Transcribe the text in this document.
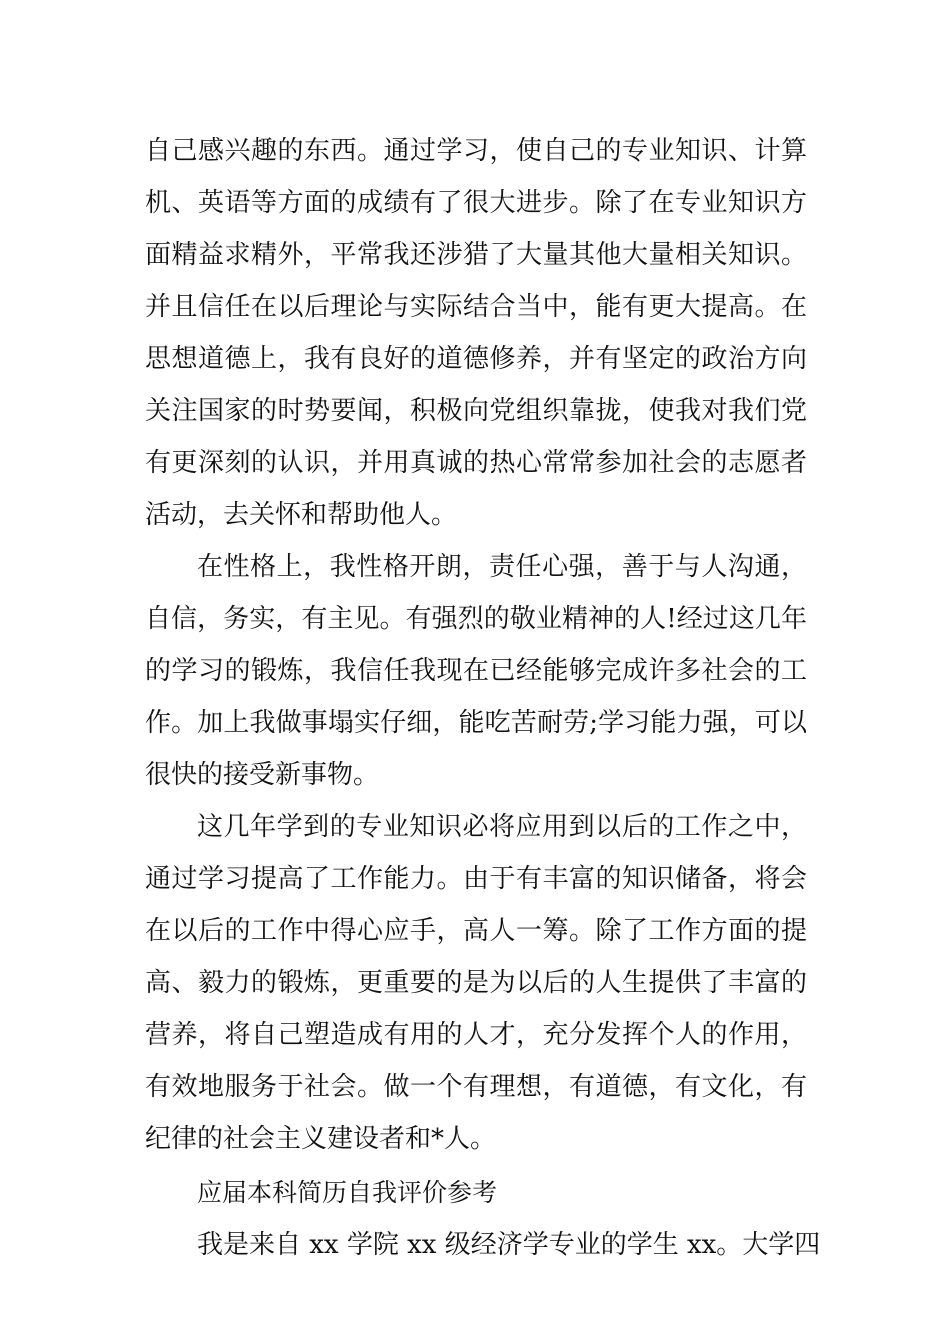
自己感兴趣的东西。通过学习，使自己的专业知识、计算

机、英语等方面的成绩有了很大进步。除了在专业知识方

面精益求精外，平常我还涉猎了大量其他大量相关知识。

并且信任在以后理论与实际结合当中，能有更大提高。在

思想道德上，我有良好的道德修养，并有坚定的政治方向

关注国家的时势要闻，积极向党组织靠拢，使我对我们党

有更深刻的认识，并用真诚的热心常常参加社会的志愿者

活动，去关怀和帮助他人。

在性格上，我性格开朗，责任心强，善于与人沟通，

自信，务实，有主见。有强烈的敬业精神的人!经过这几年

的学习的锻炼，我信任我现在已经能够完成许多社会的工

作。加上我做事塌实仔细，能吃苦耐劳;学习能力强，可以

很快的接受新事物。

这几年学到的专业知识必将应用到以后的工作之中，

通过学习提高了工作能力。由于有丰富的知识储备，将会

在以后的工作中得心应手，高人一筹。除了工作方面的提

高、毅力的锻炼，更重要的是为以后的人生提供了丰富的

营养，将自己塑造成有用的人才，充分发挥个人的作用，

有效地服务于社会。做一个有理想，有道德，有文化，有

纪律的社会主义建设者和*人。

应届本科简历自我评价参考

我是来自 xx 学院 xx 级经济学专业的学生 xx。大学四
